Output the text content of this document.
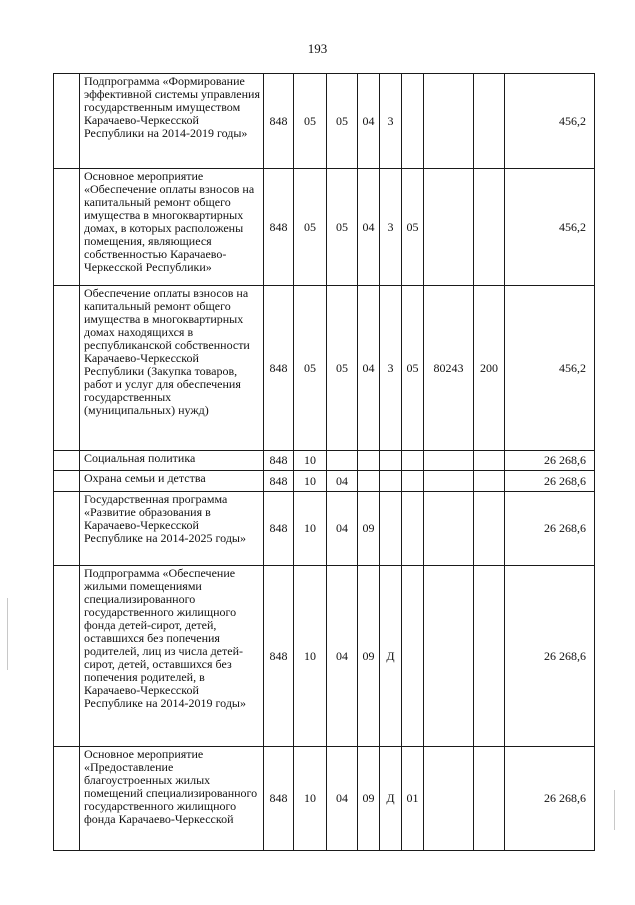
193
	Подпрограмма «Формирование эффективной системы управления государственным имуществом Карачаево-Черкесской Республики на 2014-2019 годы»	848	05	05	04	3				456,2
	Основное мероприятие «Обеспечение оплаты взносов на капитальный ремонт общего имущества в многоквартирных домах, в которых расположены помещения, являющиеся собственностью Карачаево-Черкесской Республики»	848	05	05	04	3	05			456,2
	Обеспечение оплаты взносов на капитальный ремонт общего имущества в многоквартирных домах находящихся в республиканской собственности Карачаево-Черкесской Республики (Закупка товаров, работ и услуг для обеспечения государственных (муниципальных) нужд)	848	05	05	04	3	05	80243	200	456,2
	Социальная политика	848	10							26 268,6
	Охрана семьи и детства	848	10	04						26 268,6
	Государственная программа «Развитие образования в Карачаево-Черкесской Республике на 2014-2025 годы»	848	10	04	09					26 268,6
	Подпрограмма «Обеспечение жилыми помещениями специализированного государственного жилищного фонда детей-сирот, детей, оставшихся без попечения родителей, лиц из числа детей-сирот, детей, оставшихся без попечения родителей, в Карачаево-Черкесской Республике на 2014-2019 годы»	848	10	04	09	Д				26 268,6
	Основное мероприятие «Предоставление благоустроенных жилых помещений специализированного государственного жилищного фонда Карачаево-Черкесской	848	10	04	09	Д	01			26 268,6
